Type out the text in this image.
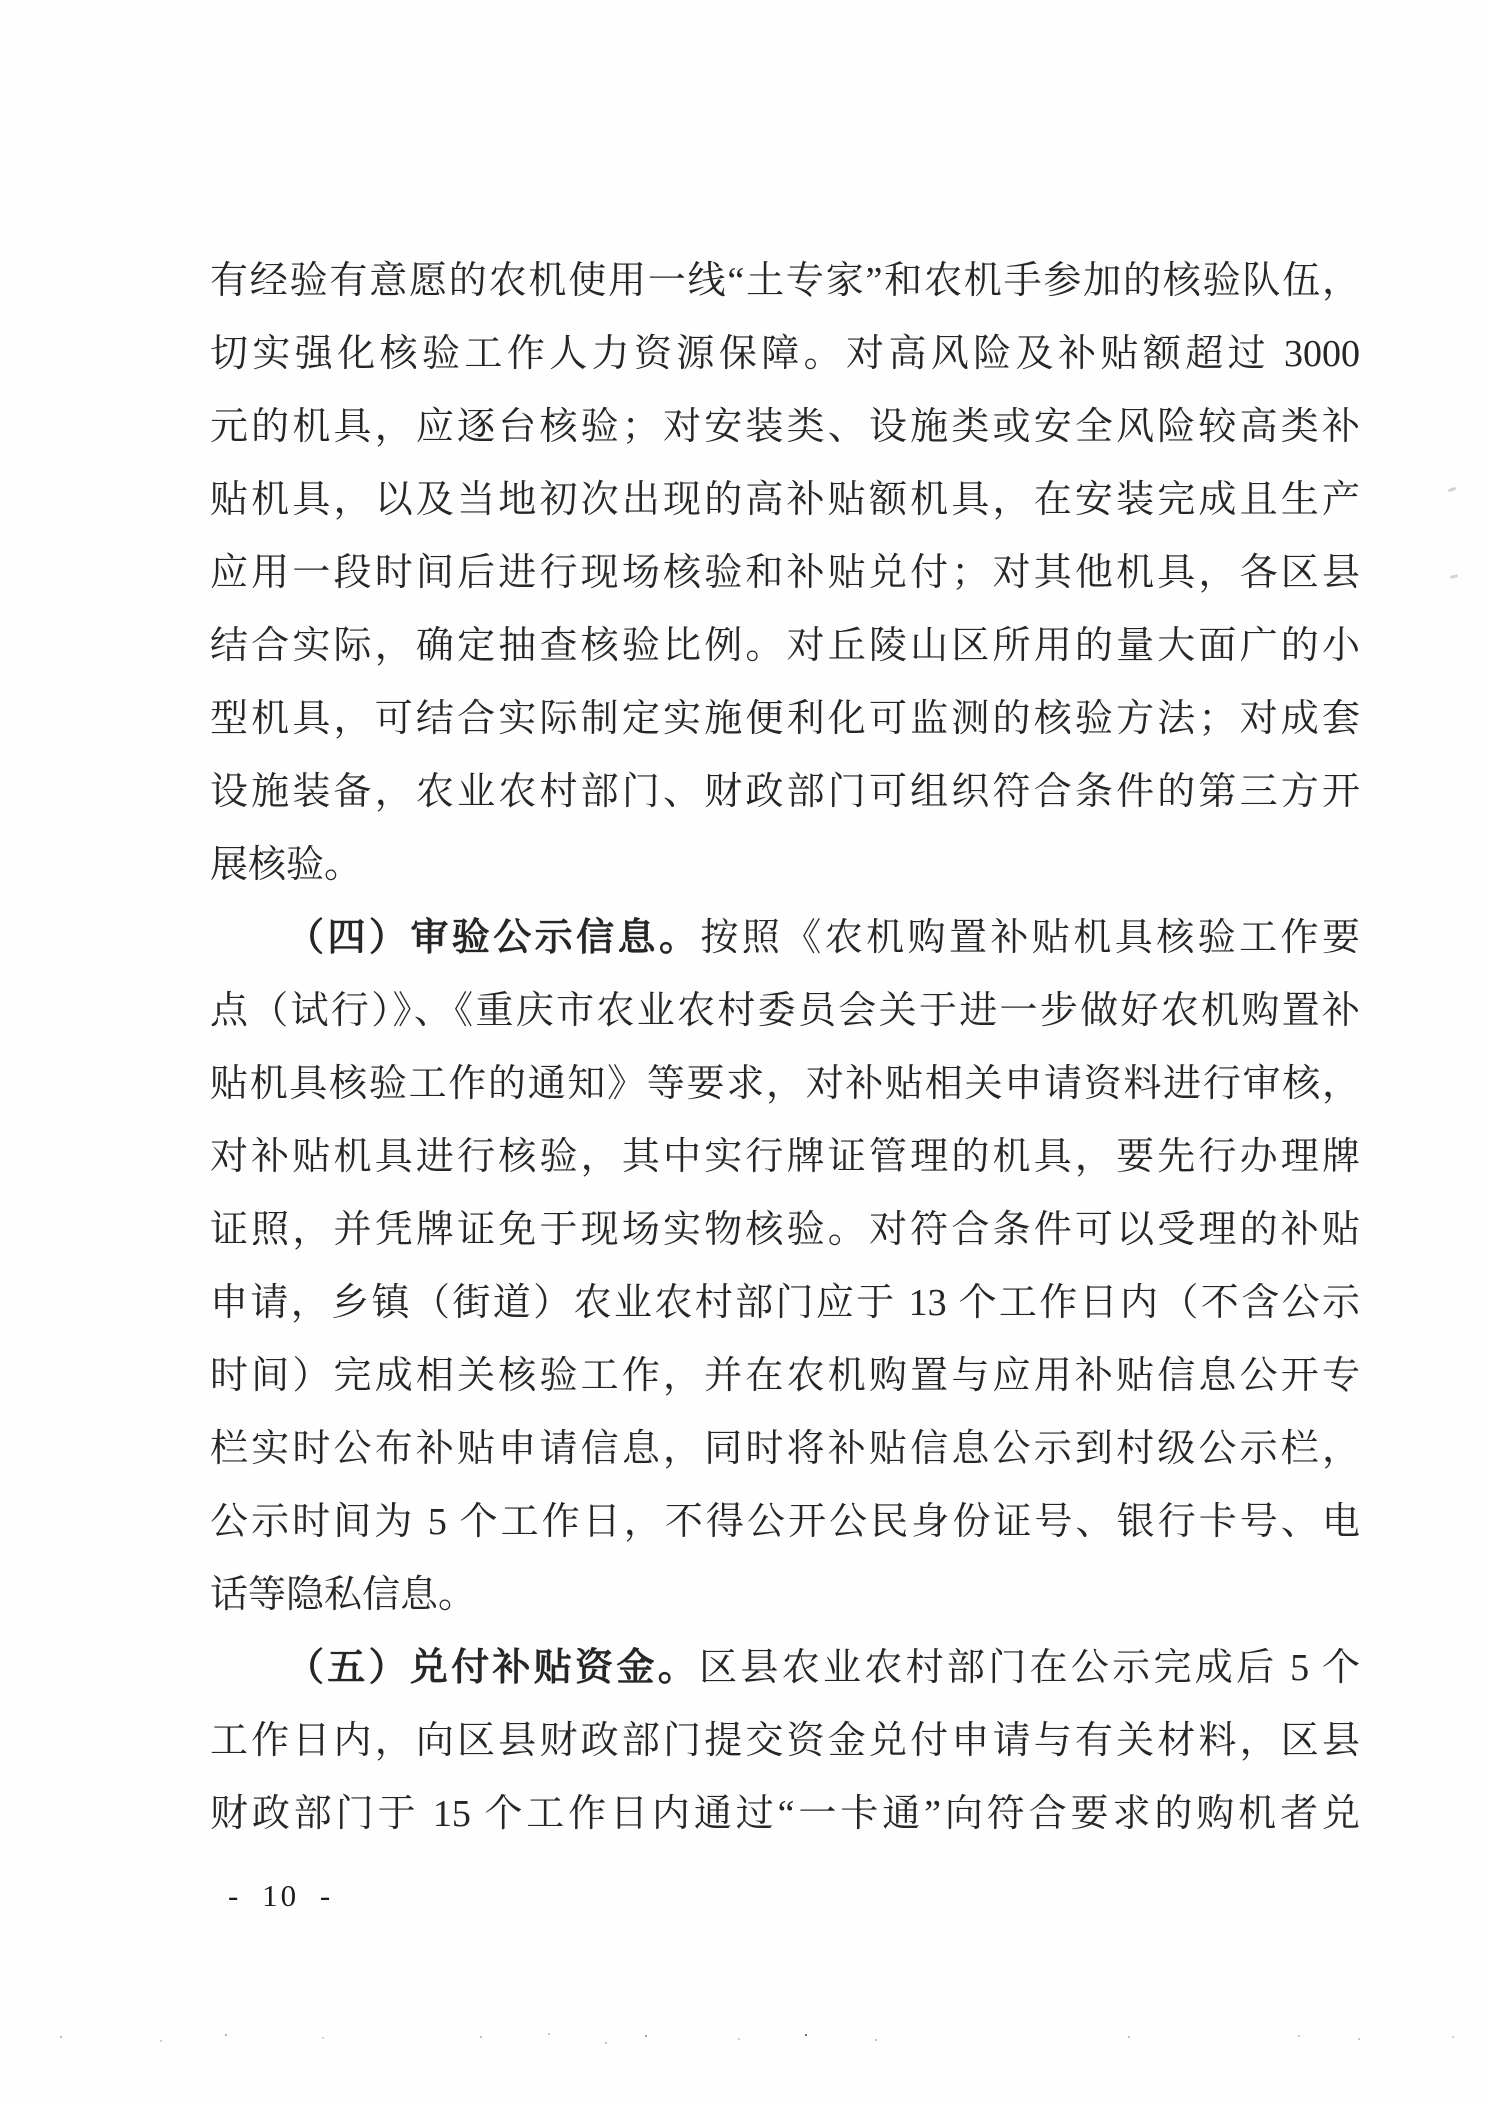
有经验有意愿的农机使用一线“土专家”和农机手参加的核验队伍，
切实强化核验工作人力资源保障。对高风险及补贴额超过 3000
元的机具，应逐台核验；对安装类、设施类或安全风险较高类补
贴机具，以及当地初次出现的高补贴额机具，在安装完成且生产
应用一段时间后进行现场核验和补贴兑付；对其他机具，各区县
结合实际，确定抽查核验比例。对丘陵山区所用的量大面广的小
型机具，可结合实际制定实施便利化可监测的核验方法；对成套
设施装备，农业农村部门、财政部门可组织符合条件的第三方开
展核验。
（四）审验公示信息。按照《农机购置补贴机具核验工作要
点（试行）》、《重庆市农业农村委员会关于进一步做好农机购置补
贴机具核验工作的通知》等要求，对补贴相关申请资料进行审核，
对补贴机具进行核验，其中实行牌证管理的机具，要先行办理牌
证照，并凭牌证免于现场实物核验。对符合条件可以受理的补贴
申请，乡镇（街道）农业农村部门应于 13 个工作日内（不含公示
时间）完成相关核验工作，并在农机购置与应用补贴信息公开专
栏实时公布补贴申请信息，同时将补贴信息公示到村级公示栏，
公示时间为 5 个工作日，不得公开公民身份证号、银行卡号、电
话等隐私信息。
（五）兑付补贴资金。区县农业农村部门在公示完成后 5 个
工作日内，向区县财政部门提交资金兑付申请与有关材料，区县
财政部门于 15 个工作日内通过“一卡通”向符合要求的购机者兑
- 10 -
